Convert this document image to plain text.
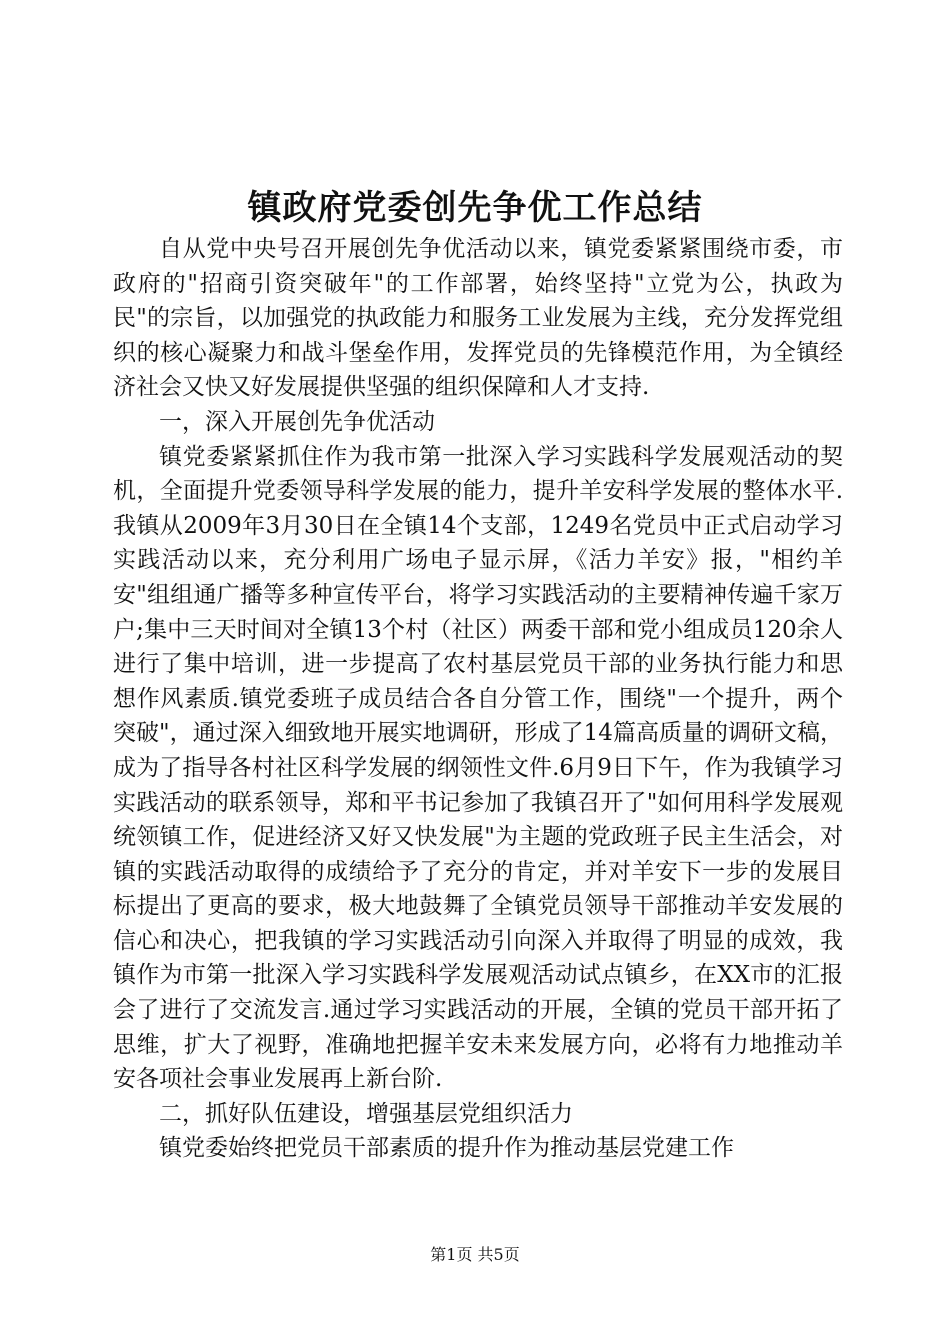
镇政府党委创先争优工作总结

自从党中央号召开展创先争优活动以来，镇党委紧紧围绕市委，市政府的"招商引资突破年"的工作部署，始终坚持"立党为公，执政为民"的宗旨，以加强党的执政能力和服务工业发展为主线，充分发挥党组织的核心凝聚力和战斗堡垒作用，发挥党员的先锋模范作用，为全镇经济社会又快又好发展提供坚强的组织保障和人才支持.

一，深入开展创先争优活动

镇党委紧紧抓住作为我市第一批深入学习实践科学发展观活动的契机，全面提升党委领导科学发展的能力，提升羊安科学发展的整体水平.我镇从2009年3月30日在全镇14个支部，1249名党员中正式启动学习实践活动以来，充分利用广场电子显示屏，《活力羊安》报，"相约羊安"组组通广播等多种宣传平台，将学习实践活动的主要精神传遍千家万户;集中三天时间对全镇13个村（社区）两委干部和党小组成员120余人进行了集中培训，进一步提高了农村基层党员干部的业务执行能力和思想作风素质.镇党委班子成员结合各自分管工作，围绕"一个提升，两个突破"，通过深入细致地开展实地调研，形成了14篇高质量的调研文稿，成为了指导各村社区科学发展的纲领性文件.6月9日下午，作为我镇学习实践活动的联系领导，郑和平书记参加了我镇召开了"如何用科学发展观统领镇工作，促进经济又好又快发展"为主题的党政班子民主生活会，对镇的实践活动取得的成绩给予了充分的肯定，并对羊安下一步的发展目标提出了更高的要求，极大地鼓舞了全镇党员领导干部推动羊安发展的信心和决心，把我镇的学习实践活动引向深入并取得了明显的成效，我镇作为市第一批深入学习实践科学发展观活动试点镇乡，在XX市的汇报会了进行了交流发言.通过学习实践活动的开展，全镇的党员干部开拓了思维，扩大了视野，准确地把握羊安未来发展方向，必将有力地推动羊安各项社会事业发展再上新台阶.

二，抓好队伍建设，增强基层党组织活力

镇党委始终把党员干部素质的提升作为推动基层党建工作

第1页 共5页
